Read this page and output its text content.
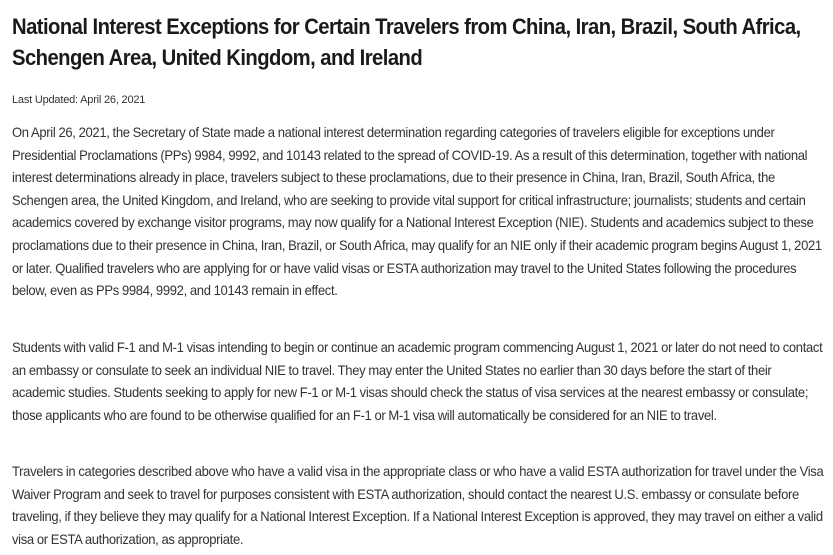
National Interest Exceptions for Certain Travelers from China, Iran, Brazil, South Africa, Schengen Area, United Kingdom, and Ireland
Last Updated: April 26, 2021

On April 26, 2021, the Secretary of State made a national interest determination regarding categories of travelers eligible for exceptions under Presidential Proclamations (PPs) 9984, 9992, and 10143 related to the spread of COVID-19. As a result of this determination, together with national interest determinations already in place, travelers subject to these proclamations, due to their presence in China, Iran, Brazil, South Africa, the Schengen area, the United Kingdom, and Ireland, who are seeking to provide vital support for critical infrastructure; journalists; students and certain academics covered by exchange visitor programs, may now qualify for a National Interest Exception (NIE). Students and academics subject to these proclamations due to their presence in China, Iran, Brazil, or South Africa, may qualify for an NIE only if their academic program begins August 1, 2021 or later. Qualified travelers who are applying for or have valid visas or ESTA authorization may travel to the United States following the procedures below, even as PPs 9984, 9992, and 10143 remain in effect.

Students with valid F-1 and M-1 visas intending to begin or continue an academic program commencing August 1, 2021 or later do not need to contact an embassy or consulate to seek an individual NIE to travel. They may enter the United States no earlier than 30 days before the start of their academic studies. Students seeking to apply for new F-1 or M-1 visas should check the status of visa services at the nearest embassy or consulate; those applicants who are found to be otherwise qualified for an F-1 or M-1 visa will automatically be considered for an NIE to travel.

Travelers in categories described above who have a valid visa in the appropriate class or who have a valid ESTA authorization for travel under the Visa Waiver Program and seek to travel for purposes consistent with ESTA authorization, should contact the nearest U.S. embassy or consulate before traveling, if they believe they may qualify for a National Interest Exception. If a National Interest Exception is approved, they may travel on either a valid visa or ESTA authorization, as appropriate.
